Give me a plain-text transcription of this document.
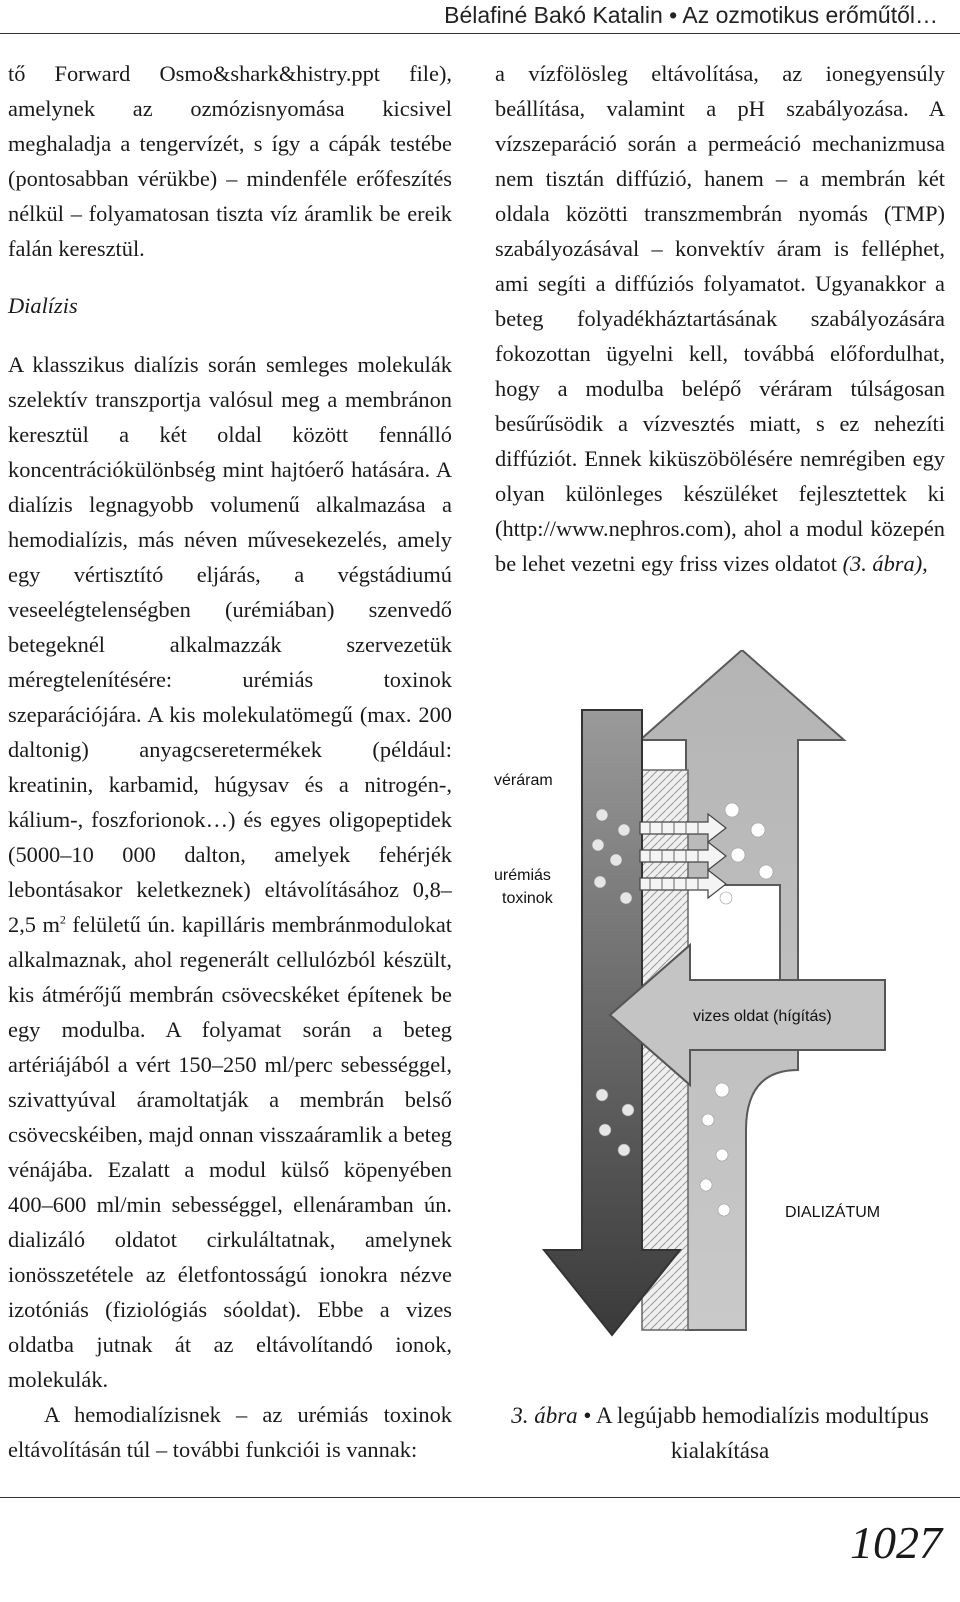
Bélafiné Bakó Katalin • Az ozmotikus erőműtől…

tő Forward Osmo&shark&histry.ppt file), amelynek az ozmózisnyomása kicsivel meghaladja a tengervízét, s így a cápák testébe (pontosabban vérükbe) – mindenféle erőfeszítés nélkül – folyamatosan tiszta víz áramlik be ereik falán keresztül.

Dialízis

A klasszikus dialízis során semleges molekulák szelektív transzportja valósul meg a membránon keresztül a két oldal között fennálló koncentrációkülönbség mint hajtóerő hatására. A dialízis legnagyobb volumenű alkalmazása a hemodialízis, más néven művesekezelés, amely egy vértisztító eljárás, a végstádiumú veseelégtelenségben (urémiában) szenvedő betegeknél alkalmazzák szervezetük méregtelenítésére: urémiás toxinok szeparációjára. A kis molekulatömegű (max. 200 daltonig) anyagcseretermékek (például: kreatinin, karbamid, húgysav és a nitrogén-, kálium-, foszforionok…) és egyes oligopeptidek (5000–10 000 dalton, amelyek fehérjék lebontásakor keletkeznek) eltávolításához 0,8–2,5 $m^2$ felületű ún. kapilláris membránmodulokat alkalmaznak, ahol regenerált cellulózból készült, kis átmérőjű membrán csövecskéket építenek be egy modulba. A folyamat során a beteg artériájából a vért 150–250 ml/perc sebességgel, szivattyúval áramoltatják a membrán belső csövecskéiben, majd onnan visszaáramlik a beteg vénájába. Ezalatt a modul külső köpenyében 400–600 ml/min sebességgel, ellenáramban ún. dializáló oldatot cirkuláltatnak, amelynek ionösszetétele az életfontosságú ionokra nézve izotóniás (fiziológiás sóoldat). Ebbe a vizes oldatba jutnak át az eltávolítandó ionok, molekulák.

A hemodialízisnek – az urémiás toxinok eltávolításán túl – további funkciói is vannak:

a vízfölösleg eltávolítása, az ionegyensúly beállítása, valamint a pH szabályozása. A vízszeparáció során a permeáció mechanizmusa nem tisztán diffúzió, hanem – a membrán két oldala közötti transzmembrán nyomás (TMP) szabályozásával – konvektív áram is felléphet, ami segíti a diffúziós folyamatot. Ugyanakkor a beteg folyadékháztartásának szabályozására fokozottan ügyelni kell, továbbá előfordulhat, hogy a modulba belépő véráram túlságosan besűrűsödik a vízvesztés miatt, s ez nehezíti diffúziót. Ennek kiküszöbölésére nemrégiben egy olyan különleges készüléket fejlesztettek ki (http://www.nephros.com), ahol a modul közepén be lehet vezetni egy friss vizes oldatot (3. ábra),

véráram
urémiás
toxinok
vizes oldat (hígítás)
DIALIZÁTUM
3. ábra • A legújabb hemodialízis modultípus kialakítása
1027
